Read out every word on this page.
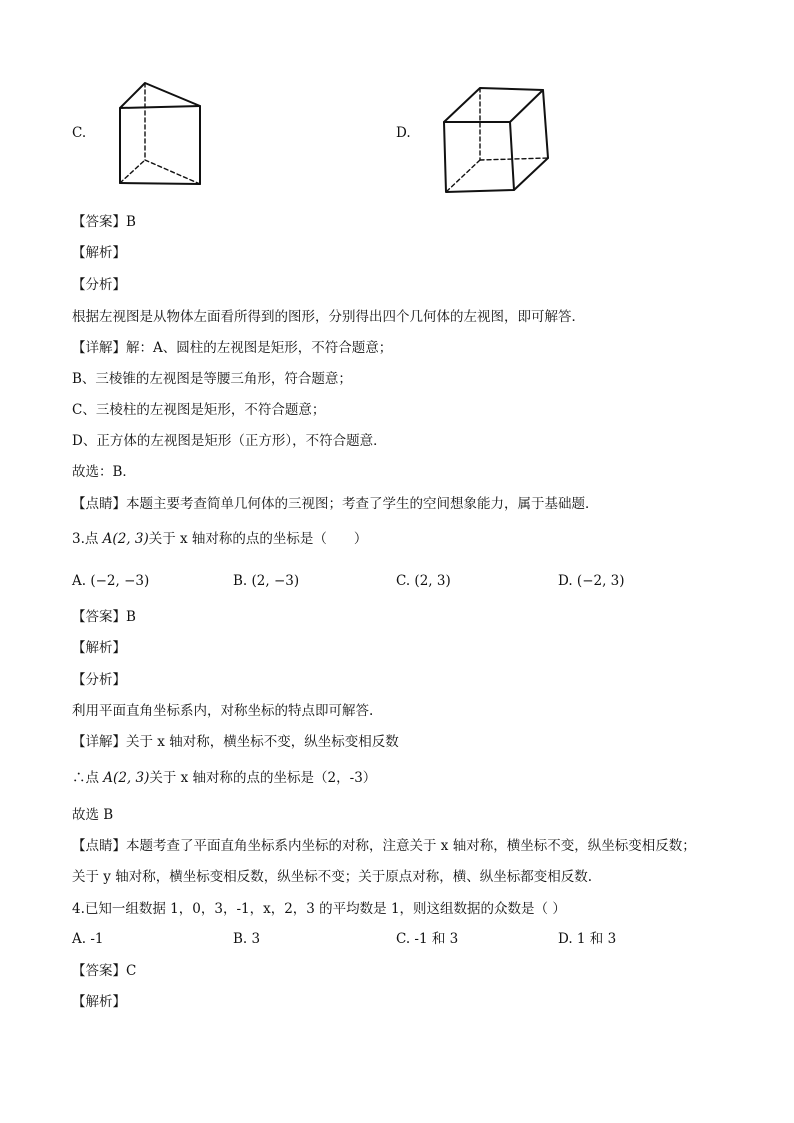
C.	D.
【答案】B
【解析】
【分析】
根据左视图是从物体左面看所得到的图形，分别得出四个几何体的左视图，即可解答．
【详解】解：A、圆柱的左视图是矩形，不符合题意；
B、三棱锥的左视图是等腰三角形，符合题意；
C、三棱柱的左视图是矩形，不符合题意；
D、正方体的左视图是矩形（正方形），不符合题意．
故选：B．
【点睛】本题主要考查简单几何体的三视图；考查了学生的空间想象能力，属于基础题．
3.点 A(2, 3)关于 x 轴对称的点的坐标是（　　）
A. (−2, −3)	B. (2, −3)	C. (2, 3)	D. (−2, 3)
【答案】B
【解析】
【分析】
利用平面直角坐标系内，对称坐标的特点即可解答.
【详解】关于 x 轴对称，横坐标不变，纵坐标变相反数
∴点 A(2, 3)关于 x 轴对称的点的坐标是（2，-3）
故选 B
【点睛】本题考查了平面直角坐标系内坐标的对称，注意关于 x 轴对称，横坐标不变，纵坐标变相反数；
关于 y 轴对称，横坐标变相反数，纵坐标不变；关于原点对称，横、纵坐标都变相反数.
4.已知一组数据 1，0，3，-1，x，2，3 的平均数是 1，则这组数据的众数是（ ）
A. -1	B. 3	C. -1 和 3	D. 1 和 3
【答案】C
【解析】
